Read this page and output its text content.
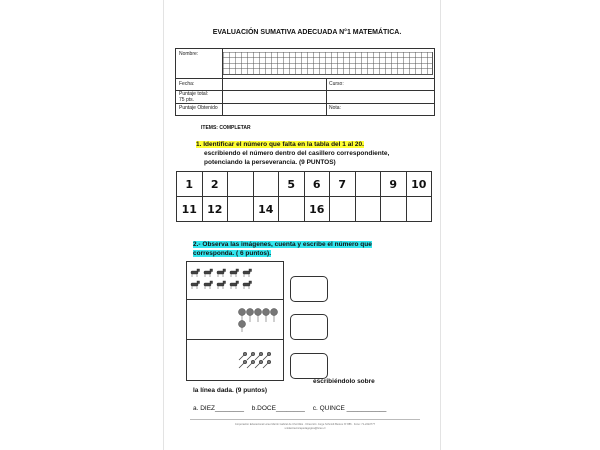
EVALUACIÓN SUMATIVA ADECUADA N°1 MATEMÁTICA.
Nombre:
Fecha:	Curso:
Puntaje total:
75 pts.
Puntaje Obtenido	Nota:
ITEMS: COMPLETAR
1. Identificar el número que falta en la tabla del 1 al 20.
escribiendo el número dentro del casillero correspondiente,
potenciando la perseverancia. (9 PUNTOS)
1	2			5	6	7		9	10
11	12		14		16				
2.- Observa las imágenes, cuenta y escribe el número que
corresponda. ( 6 puntos).
escribiéndolo sobre
la línea dada. (9 puntos)
a. DIEZ________ b.DOCE________ c. QUINCE ___________
Corporación Educacional Liceo Martín Gabriel de Chorrillos · Dirección: Jorge Schmidt Bustos Nº 886 · Fono: 71-2222777
unidad.tecnicapedagogica@liceo.cl
